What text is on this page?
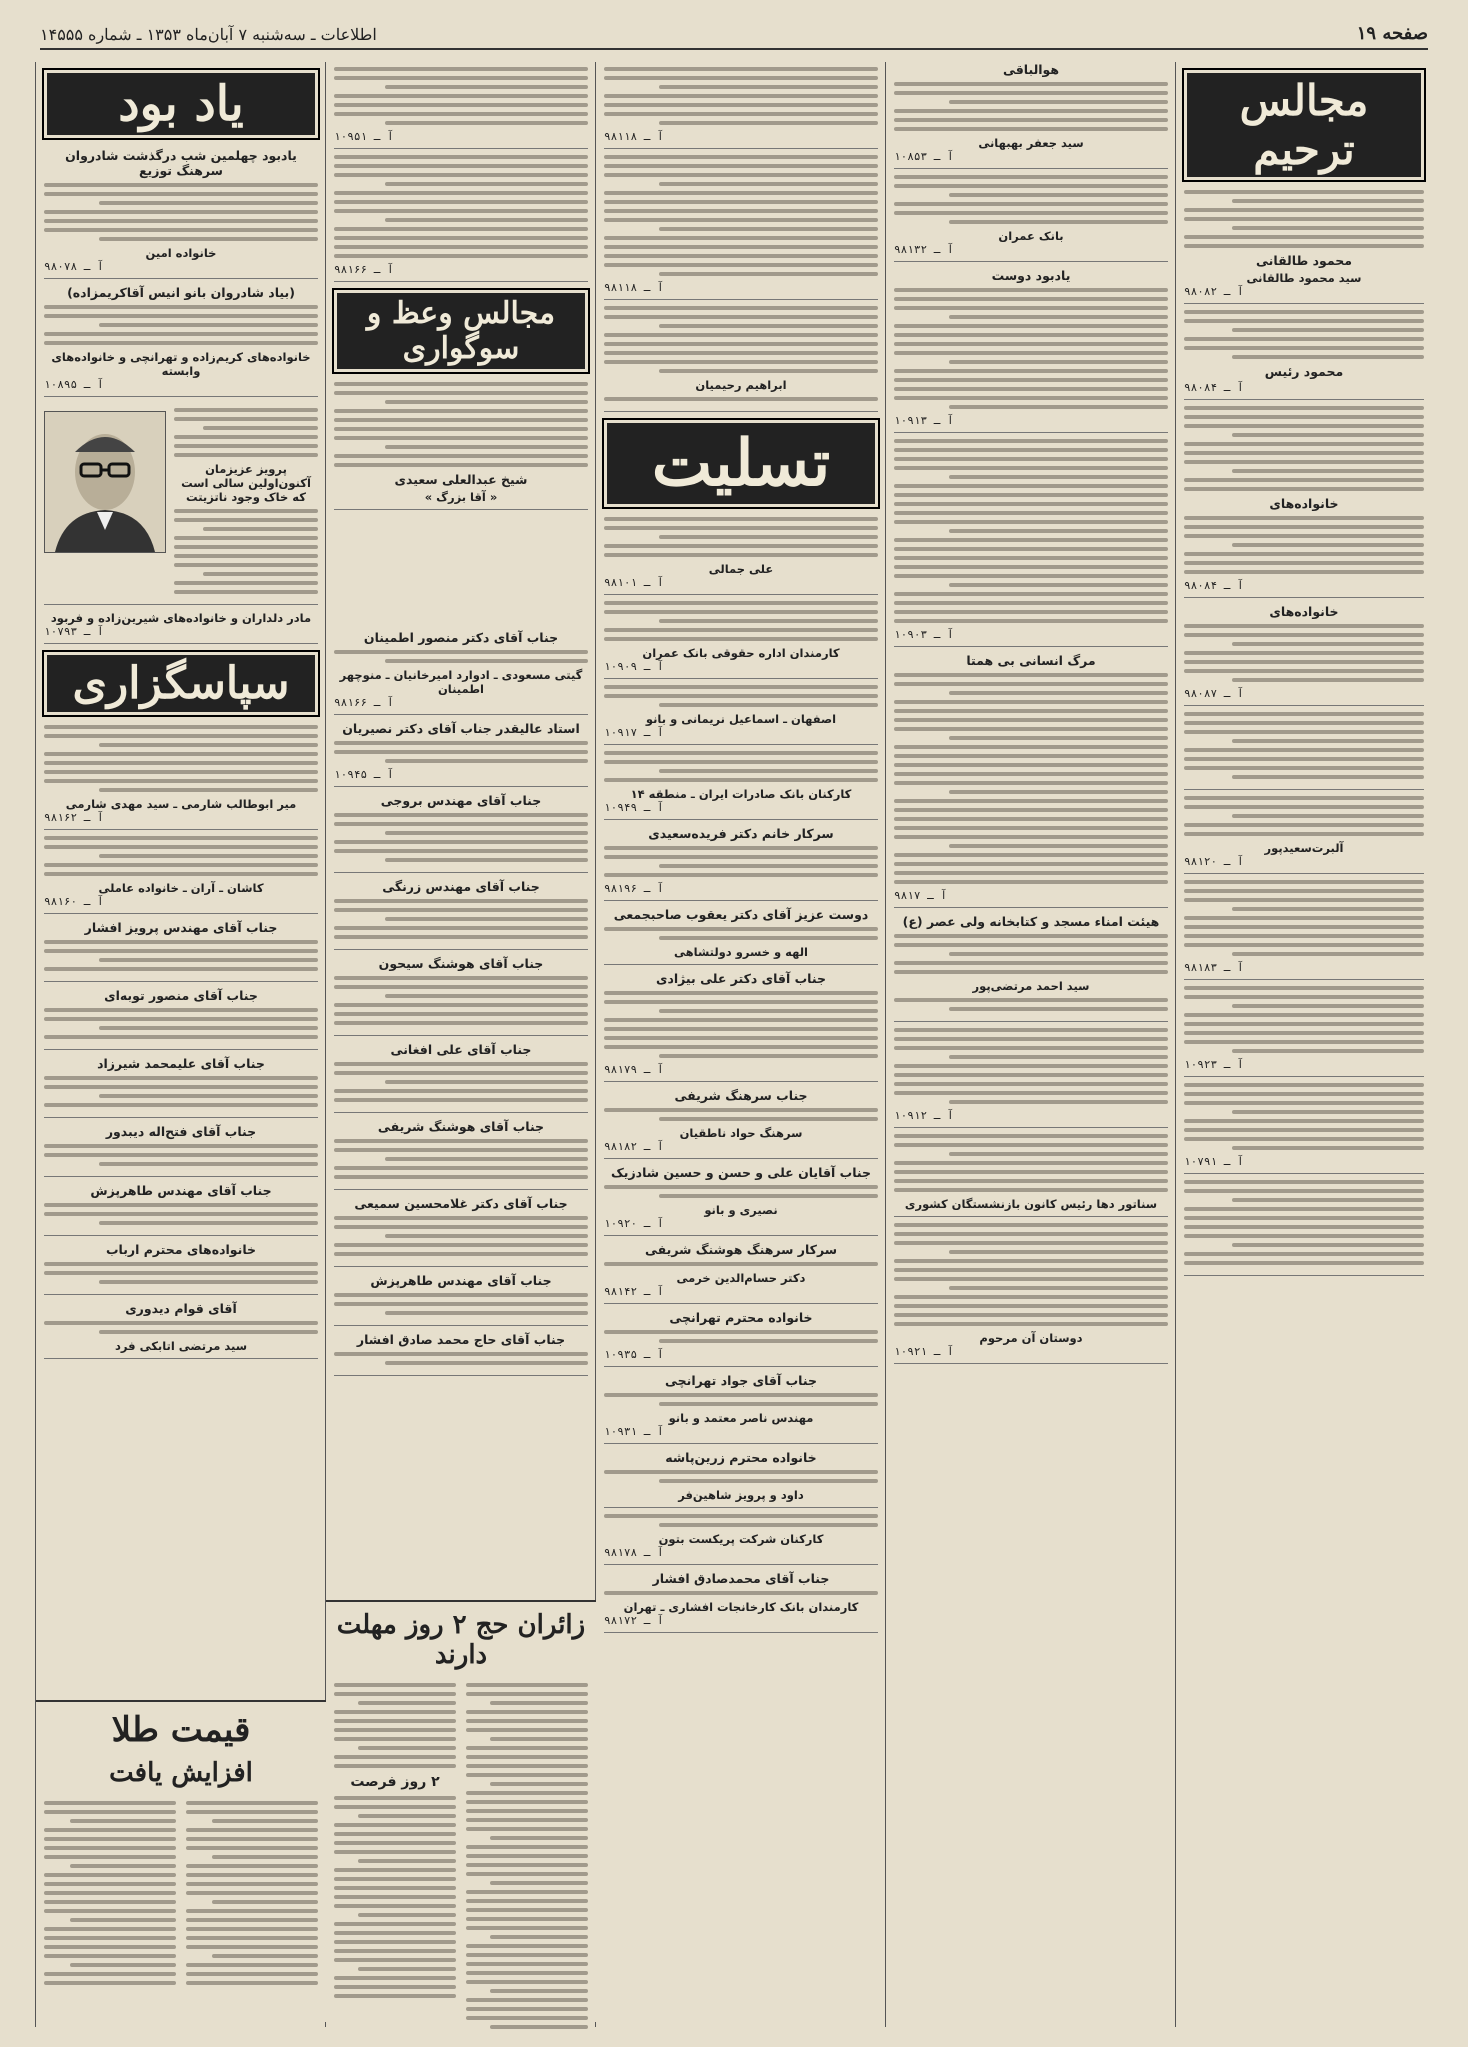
صفحه ۱۹
اطلاعات ـ سه‌شنبه ۷ آبان‌ماه ۱۳۵۳ ـ شماره ۱۴۵۵۵
مجالس ترحیم
محمود طالقانی
سید محمود طالقانی
آ ـ ۹۸۰۸۲
محمود رئیس
آ ـ ۹۸۰۸۴
خانواده‌های
آ ـ ۹۸۰۸۴
خانواده‌های
آ ـ ۹۸۰۸۷
آلبرت‌سعیدپور
آ ـ ۹۸۱۲۰
آ ـ ۹۸۱۸۳
آ ـ ۱۰۹۲۳
آ ـ ۱۰۷۹۱
هوالباقی
سید جعفر بهبهانی
آ ـ ۱۰۸۵۳
بانک عمران
آ ـ ۹۸۱۳۲
یادبود دوست
آ ـ ۱۰۹۱۳
آ ـ ۱۰۹۰۳
مرگ انسانی بی همتا
آ ـ ۹۸۱۷
هیئت امناء مسجد و کتابخانه ولی عصر (ع)
سید احمد مرتضی‌پور
آ ـ ۱۰۹۱۲
سناتور دها رئیس کانون بازنشستگان کشوری
دوستان آن مرحوم
آ ـ ۱۰۹۲۱
آ ـ ۹۸۱۱۸
آ ـ ۹۸۱۱۸
ابراهیم رحیمیان
تسلیت
علی جمالی
آ ـ ۹۸۱۰۱
کارمندان اداره حقوقی بانک عمران
آ ـ ۱۰۹۰۹
اصفهان ـ اسماعیل نریمانی و بانو
آ ـ ۱۰۹۱۷
کارکنان بانک صادرات ایران ـ منطقه ۱۴
آ ـ ۱۰۹۴۹
سرکار خانم دکتر فریده‌سعیدی
آ ـ ۹۸۱۹۶
دوست عزیز آقای دکتر یعقوب صاحبجمعی
الهه و خسرو دولتشاهی
جناب آقای دکتر علی بیژادی
آ ـ ۹۸۱۷۹
جناب سرهنگ شریفی
سرهنگ حواد ناطقیان
آ ـ ۹۸۱۸۲
جناب آقایان علی و حسن و حسین شادزیک
نصیری و بانو
آ ـ ۱۰۹۲۰
سرکار سرهنگ هوشنگ شریفی
دکتر حسام‌الدین خرمی
آ ـ ۹۸۱۴۲
خانواده محترم تهرانچی
آ ـ ۱۰۹۳۵
جناب آقای جواد تهرانچی
مهندس ناصر معتمد و بانو
آ ـ ۱۰۹۳۱
خانواده محترم زرین‌پاشه
داود و پرویز شاهین‌فر
کارکنان شرکت پریکست بتون
آ ـ ۹۸۱۷۸
جناب آقای محمدصادق افشار
کارمندان بانک کارخانجات افشاری ـ تهران
آ ـ ۹۸۱۷۲
آ ـ ۱۰۹۵۱
آ ـ ۹۸۱۶۶
مجالس وعظ و سوگواری
شیخ عبدالعلی سعیدی
« آقا بزرگ »
جناب آقای دکتر منصور اطمینان
گیتی مسعودی ـ ادوارد امیرخانیان ـ منوچهر اطمینان
آ ـ ۹۸۱۶۶
استاد عالیقدر جناب آقای دکتر نصیریان
آ ـ ۱۰۹۴۵
جناب آقای مهندس بروجی
جناب آقای مهندس زرنگی
جناب آقای هوشنگ سیحون
جناب آقای علی افغانی
جناب آقای هوشنگ شریفی
جناب آقای دکتر غلامحسین سمیعی
جناب آقای مهندس طاهرپزش
جناب آقای حاج محمد صادق افشار
زائران حج ۲ روز مهلت دارند
۲ روز فرصت
یاد بود
یادبود چهلمین شب درگذشت شادروان سرهنگ توزیع
خانواده امین
آ ـ ۹۸۰۷۸
(بیاد شادروان بانو انیس آقاکریمزاده)
خانواده‌های کریم‌زاده و تهرانچی و خانواده‌های وابسته
آ ـ ۱۰۸۹۵
پرویز عزیزمان آکنون‌اولین سالی است که خاک وجود ناتزیتت
مادر دلداران و خانواده‌های شیرین‌زاده و فربود
آ ـ ۱۰۷۹۳
سپاسگزاری
میر ابوطالب شارمی ـ سید مهدی شارمی
آ ـ ۹۸۱۶۲
کاشان ـ آران ـ خانواده عاملی
آ ـ ۹۸۱۶۰
جناب آقای مهندس پرویز افشار
جناب آقای منصور توبه‌ای
جناب آقای علیمحمد شیرزاد
جناب آقای فتح‌اله دیبدور
جناب آقای مهندس طاهرپزش
خانواده‌های محترم ارباب
آقای قوام دیدوری
سید مرتضی اتابکی فرد
قیمت طلا
افزایش یافت
